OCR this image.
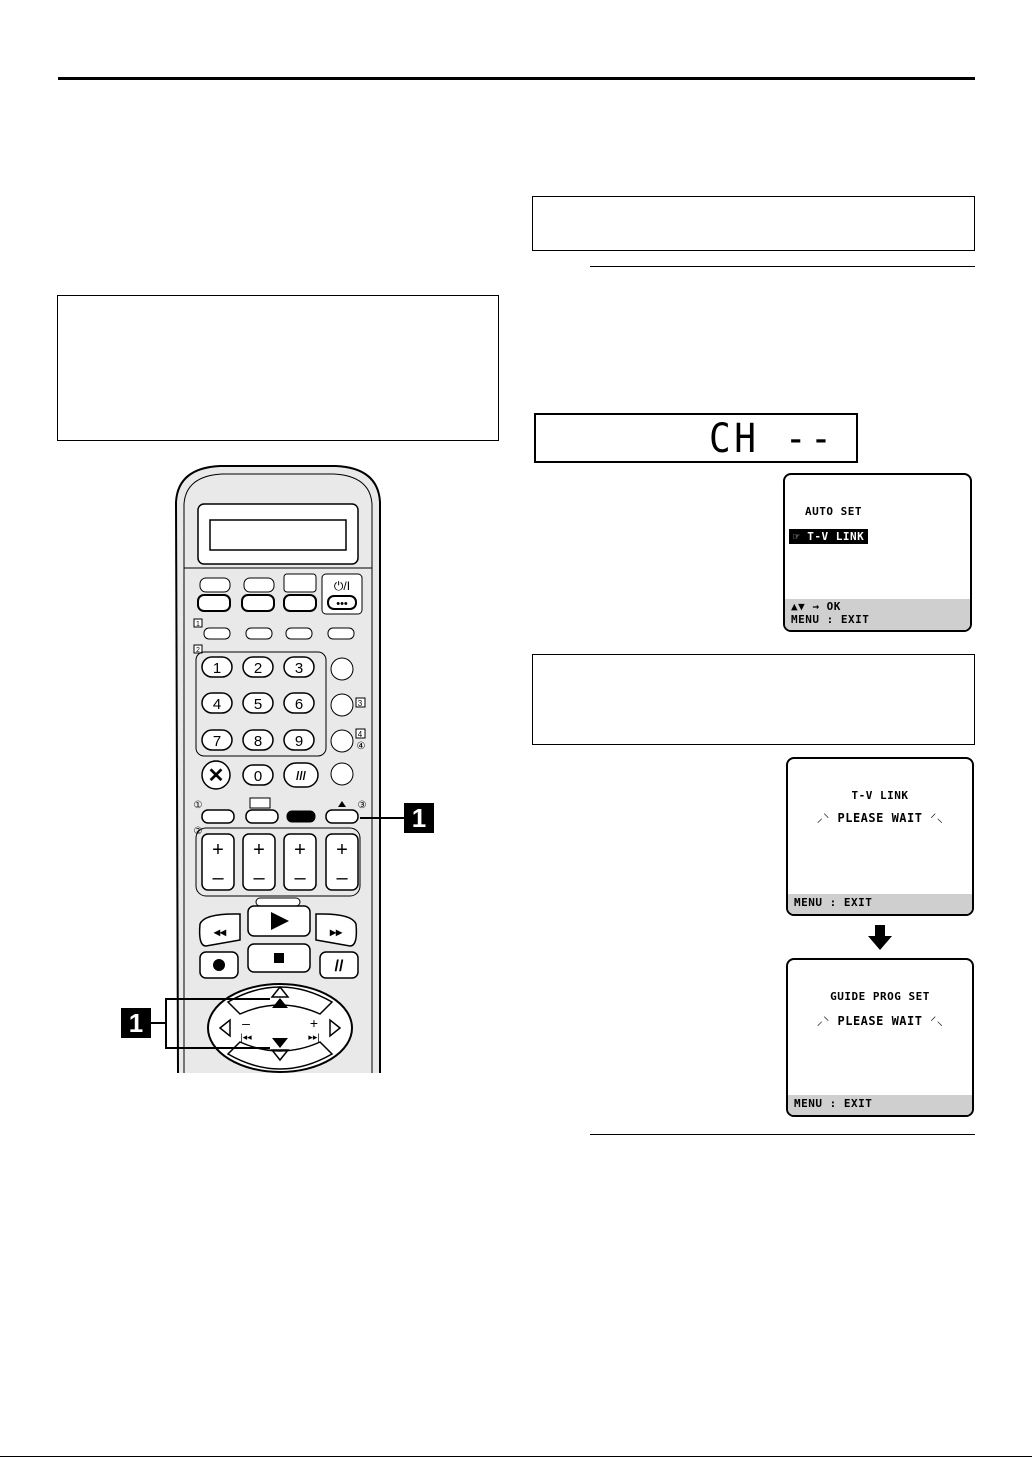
CH --
AUTO SET
☞ T-V LINK
▲▼ → OK
MENU : EXIT
T-V LINK
⸝⸌ PLEASE WAIT ⸍⸜
MENU : EXIT
GUIDE PROG SET
⸝⸌ PLEASE WAIT ⸍⸜
MENU : EXIT
⏻/I
•••
1
2
1 2 3
4 5 6
7 8 9
0
3
4
④
✕	///
①	③
②
+
–
+
–
+
–
+
–
◂◂	▸▸
//
–
|◂◂
+
▸▸|
1
1
